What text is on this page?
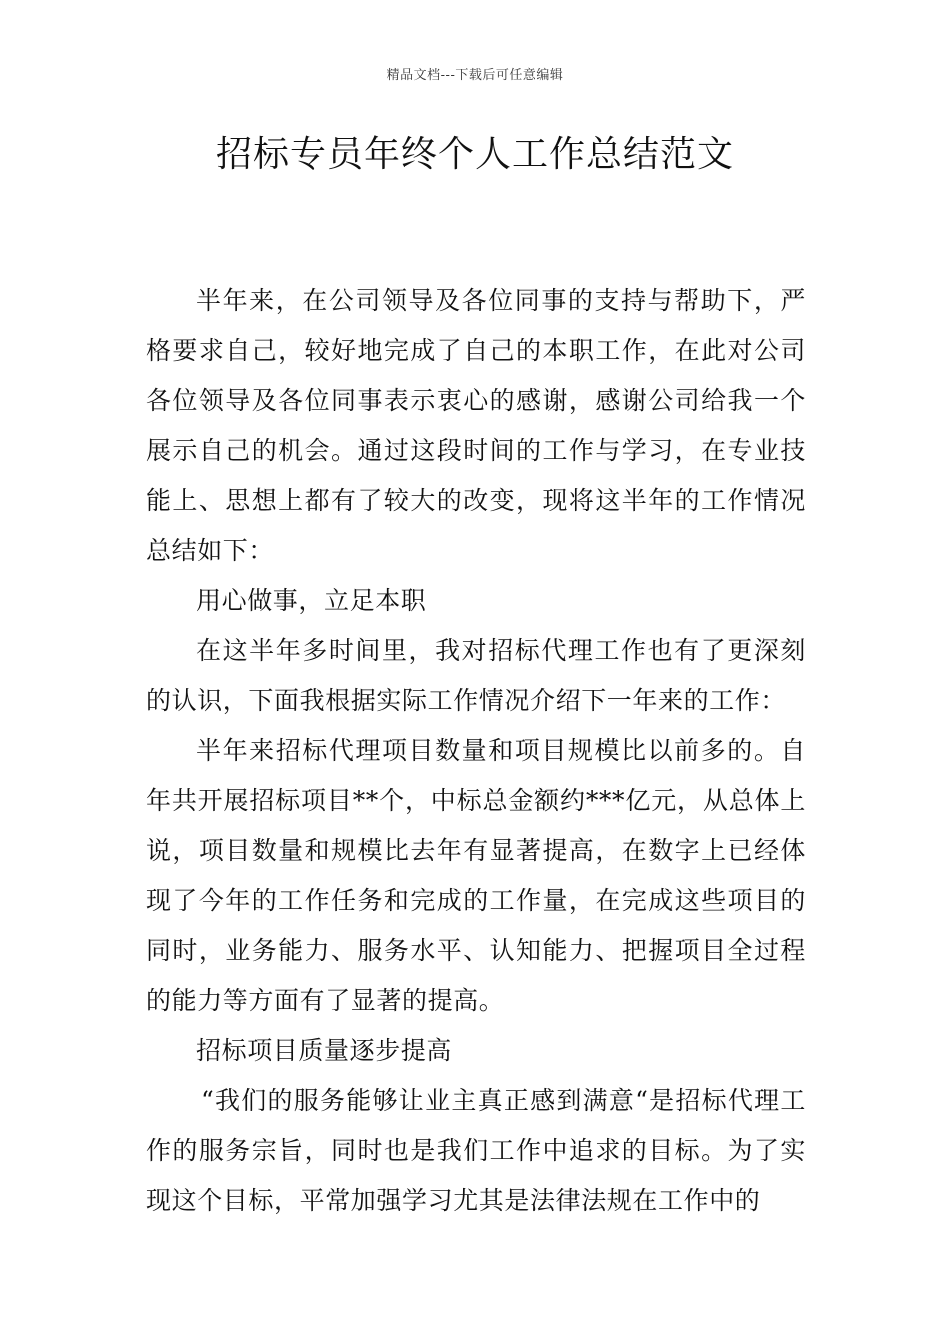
精品文档---下载后可任意编辑
招标专员年终个人工作总结范文

半年来，在公司领导及各位同事的支持与帮助下，严格要求自己，较好地完成了自己的本职工作，在此对公司各位领导及各位同事表示衷心的感谢，感谢公司给我一个展示自己的机会。通过这段时间的工作与学习，在专业技能上、思想上都有了较大的改变，现将这半年的工作情况总结如下：

用心做事，立足本职

在这半年多时间里，我对招标代理工作也有了更深刻的认识，下面我根据实际工作情况介绍下一年来的工作：

半年来招标代理项目数量和项目规模比以前多的。自年共开展招标项目**个，中标总金额约***亿元，从总体上说，项目数量和规模比去年有显著提高，在数字上已经体现了今年的工作任务和完成的工作量，在完成这些项目的同时，业务能力、服务水平、认知能力、把握项目全过程的能力等方面有了显著的提高。

招标项目质量逐步提高

“我们的服务能够让业主真正感到满意“是招标代理工作的服务宗旨，同时也是我们工作中追求的目标。为了实现这个目标，平常加强学习尤其是法律法规在工作中的
